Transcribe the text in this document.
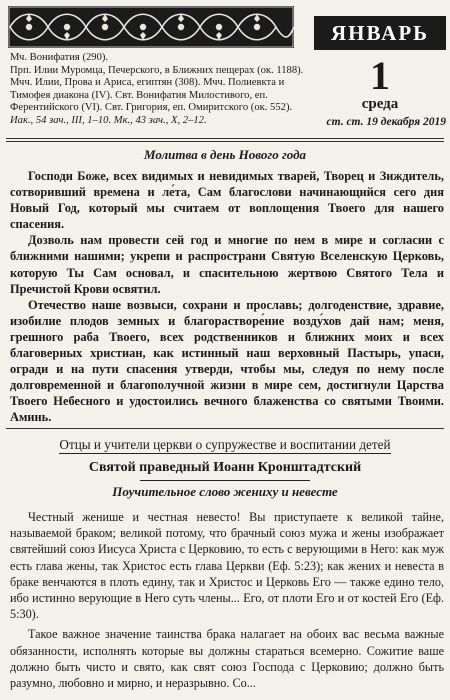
ЯНВАРЬ

Мч. Вонифатия (290).

Прп. Илии Муромца, Печерского, в Ближних пещерах (ок. 1188). Мчч. Илии, Прова и Ариса, египтян (308). Мчч. Полиевкта и Тимофея диакона (IV). Свт. Вонифатия Милостивого, еп. Ферентийского (VI). Свт. Григория, еп. Омиритского (ок. 552).

Иак., 54 зач., III, 1–10. Мк., 43 зач., X, 2–12.

1
среда
ст. ст. 19 декабря 2019
Молитва в день Нового года

Господи Боже, всех видимых и невидимых тварей, Творец и Зиждитель, сотворивший времена и ле́та, Сам благослови начинающийся сего дня Новый Год, который мы считаем от воплощения Твоего для нашего спасения.

Дозволь нам провести сей год и многие по нем в мире и согласии с ближними нашими; укрепи и распространи Святую Вселенскую Церковь, которую Ты Сам основал, и спасительною жертвою Святого Тела и Пречистой Крови освятил.

Отечество наше возвыси, сохрани и прославь; долгоденствие, здравие, изобилие плодов земных и благорастворе́ние возду́хов дай нам; меня, грешного раба Твоего, всех родственников и ближних моих и всех благоверных христиан, как истинный наш верховный Пастырь, упаси, огради и на пути спасения утверди, чтобы мы, следуя по нему после долговременной и благополучной жизни в мире сем, достигнули Царства Твоего Небесного и удостоились вечного блаженства со святыми Твоими. Аминь.

Отцы и учители церкви о супружестве и воспитании детей
Святой праведный Иоанн Кронштадтский
Поучительное слово жениху и невесте

Честный женише и честная невесто! Вы приступаете к великой тайне, называемой браком; великой потому, что брачный союз мужа и жены изображает святейший союз Иисуса Христа с Церковию, то есть с верующими в Него: как муж есть глава жены, так Христос есть глава Церкви (Еф. 5:23); как жених и невеста в браке венчаются в плоть едину, так и Христос и Церковь Его — также едино тело, ибо истинно верующие в Него суть члены... Его, от плоти Его и от костей Его (Еф. 5:30).

Такое важное значение таинства брака налагает на обоих вас весьма важные обязанности, исполнять которые вы должны стараться всемерно. Сожитие ваше должно быть чисто и свято, как свят союз Господа с Церковию; должно быть разумно, любовно и мирно, и неразрывно. Со...
